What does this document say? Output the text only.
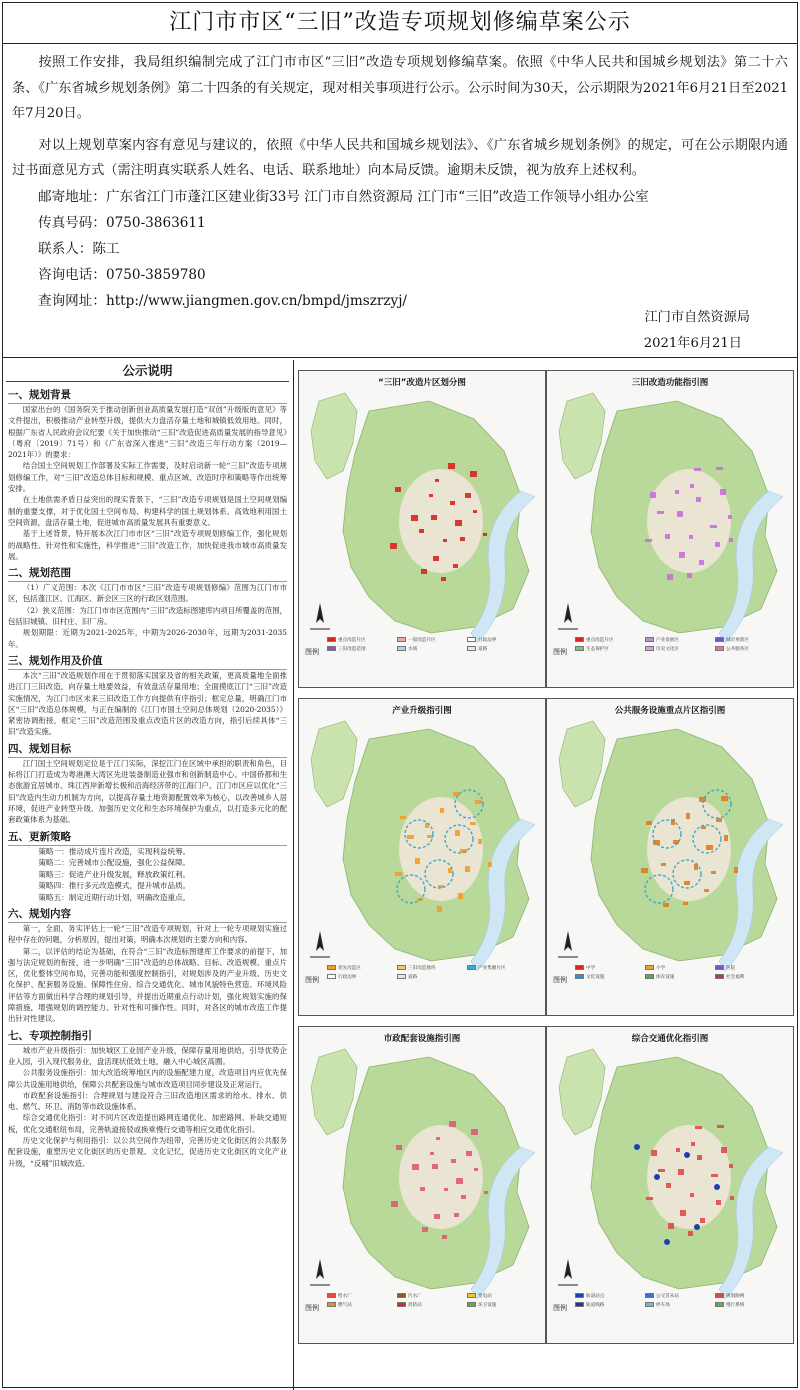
江门市市区“三旧”改造专项规划修编草案公示

按照工作安排，我局组织编制完成了江门市市区“三旧”改造专项规划修编草案。依照《中华人民共和国城乡规划法》第二十六条、《广东省城乡规划条例》第二十四条的有关规定，现对相关事项进行公示。公示时间为30天，公示期限为2021年6月21日至2021年7月20日。

对以上规划草案内容有意见与建议的，依照《中华人民共和国城乡规划法》、《广东省城乡规划条例》的规定，可在公示期限内通过书面意见方式（需注明真实联系人姓名、电话、联系地址）向本局反馈。逾期未反馈，视为放弃上述权利。

邮寄地址：广东省江门市蓬江区建业街33号 江门市自然资源局 江门市“三旧”改造工作领导小组办公室

传真号码：0750-3863611

联系人：陈工

咨询电话：0750-3859780

查询网址：http://www.jiangmen.gov.cn/bmpd/jmszrzyj/

江门市自然资源局
2021年6月21日
公示说明
一、规划背景

国家出台的《国务院关于推动创新创业高质量发展打造“双创”升级版的意见》等文件提出，积极推动产业转型升级，提供大力盘活存量土地和城镇低效用地。同时，根据广东省人民政府会议纪要《关于加快推动“三旧”改造促进高质量发展的指导意见》（粤府〔2019〕71号）和《广东省深入推进“三旧”改造三年行动方案（2019—2021年）》的要求：

结合国土空间规划工作部署及实际工作需要，及时启动新一轮“三旧”改造专项规划修编工作，对“三旧”改造总体目标和规模、重点区域、改造时序和策略等作出统筹安排。

在土地供需矛盾日益突出的现实背景下，“三旧”改造专项规划是国土空间规划编制的重要支撑，对于优化国土空间布局、构建科学的国土规划体系、高效地利用国土空间资源，盘活存量土地，促进城市高质量发展具有重要意义。

基于上述背景，特开展本次江门市市区“三旧”改造专项规划修编工作，强化规划的战略性、针对性和实施性，科学推进“三旧”改造工作，加快促进我市城市高质量发展。

二、规划范围

（1）广义范围：本次《江门市市区“三旧”改造专项规划修编》范围为江门市市区，包括蓬江区、江海区、新会区三区的行政区划范围。

（2）狭义范围：为江门市市区范围内“三旧”改造标图建库内项目所覆盖的范围，包括旧城镇、旧村庄、旧厂房。

规划期限：近期为2021-2025年，中期为2026-2030年，远期为2031-2035年。

三、规划作用及价值

本次“三旧”改造规划作用在于贯彻落实国家及省的相关政策，更高质量地全面推进江门三旧改造，向存量土地要效益，有效盘活存量用地；全面摸底江门“三旧”改造实施情况，为江门市区未来三旧改造工作方向提供有序指引；框定总量，明确江门市区“三旧”改造总体规模，与正在编制的《江门市国土空间总体规划（2020-2035）》紧密协调衔接，框定“三旧”改造范围及重点改造片区的改造方向，指引后续具体“三旧”改造实施。

四、规划目标

江门国土空间规划定位是于江门实际，深挖江门在区域中承担的职责和角色，目标将江门打造成为粤港澳大湾区先进装备制造业强市和创新制造中心、中国侨都和生态旅游宜居城市、珠江西岸新增长极和沿海经济带的江海门户。江门市区应以优化“三旧”改造内生动力机制为方向，以提高存量土地资源配置效率为核心，以改善城乡人居环境，促进产业转型升级、加强历史文化和生态环境保护为重点，以打造多元化的配套政策体系为基础。

五、更新策略

策略一：推动成片连片改造，实现利益统筹。

策略二：完善城市公配设施，强化公益保障。

策略三：促进产业升级发展，释放政策红利。

策略四：推行多元改造模式，提升城市品质。

策略五：制定近期行动计划，明确改造重点。

六、规划内容

第一，全面、务实评估上一轮“三旧”改造专项规划，针对上一轮专项规划实施过程中存在的问题，分析原因，提出对策，明确本次规划的主要方向和内容。

第二，以评估的结论为基础，在符合“三旧”改造标图建库工作要求的前提下，加强与法定规划的衔接，进一步明确“三旧”改造的总体战略、目标、改造规模、重点片区，优化整体空间布局，完善功能和强度控制指引，对规划涉及的产业升级、历史文化保护、配套服务设施、保障性住房、综合交通优化、城市风貌特色营造、环境风险评估等方面做出科学合理的规划引导，并提出近期重点行动计划，强化规划实施的保障措施，增强规划的调控能力、针对性和可操作性。同时，对各区的城市改造工作提出针对性建议。

七、专项控制指引

城市产业升级指引：加快城区工业园产业升级，保障存量用地供给，引导优势企业入园，引入现代服务业，盘活现状低效土地，融入中心城区高圈。

公共服务设施指引：加大改造统筹地区内的设施配建力度，改造项目内应优先保障公共设施用地供给，保障公共配套设施与城市改造项目同步建设及正常运行。

市政配套设施指引：合理规划与建设符合三旧改造地区需求的给水、排水、供电、燃气、环卫、消防等市政设施体系。

综合交通优化指引：对不同片区改造提出路网连通优化、加密路网、补缺交通短板，优化交通枢纽布局，完善轨道接驳或换乘慢行交通等相应交通优化指引。

历史文化保护与利用指引：以公共空间作为纽带，完善历史文化街区的公共服务配套设施，重塑历史文化街区的历史景观、文化记忆，促进历史文化街区的文化产业升级，“反哺”旧城改造。

“三旧”改造片区划分图
图例
重点改造片区	一般改造片区	行政边界
三旧改造范围	水域	道路
三旧改造功能指引图
图例
重点改造片区	产业发展区	城市更新区
生态保护区	历史文化区	公共服务区
产业升级指引图
图例
优先改造区	三旧改造地块	产业集聚片区
行政边界	道路
公共服务设施重点片区指引图
图例
中学	小学	医院
文化设施	体育设施	社会福利
市政配套设施指引图
图例
给水厂	污水厂	变电站
燃气站	消防站	环卫设施
综合交通优化指引图
图例
轨道站点	公交首末站	规划路网
轨道线路	停车场	慢行系统
